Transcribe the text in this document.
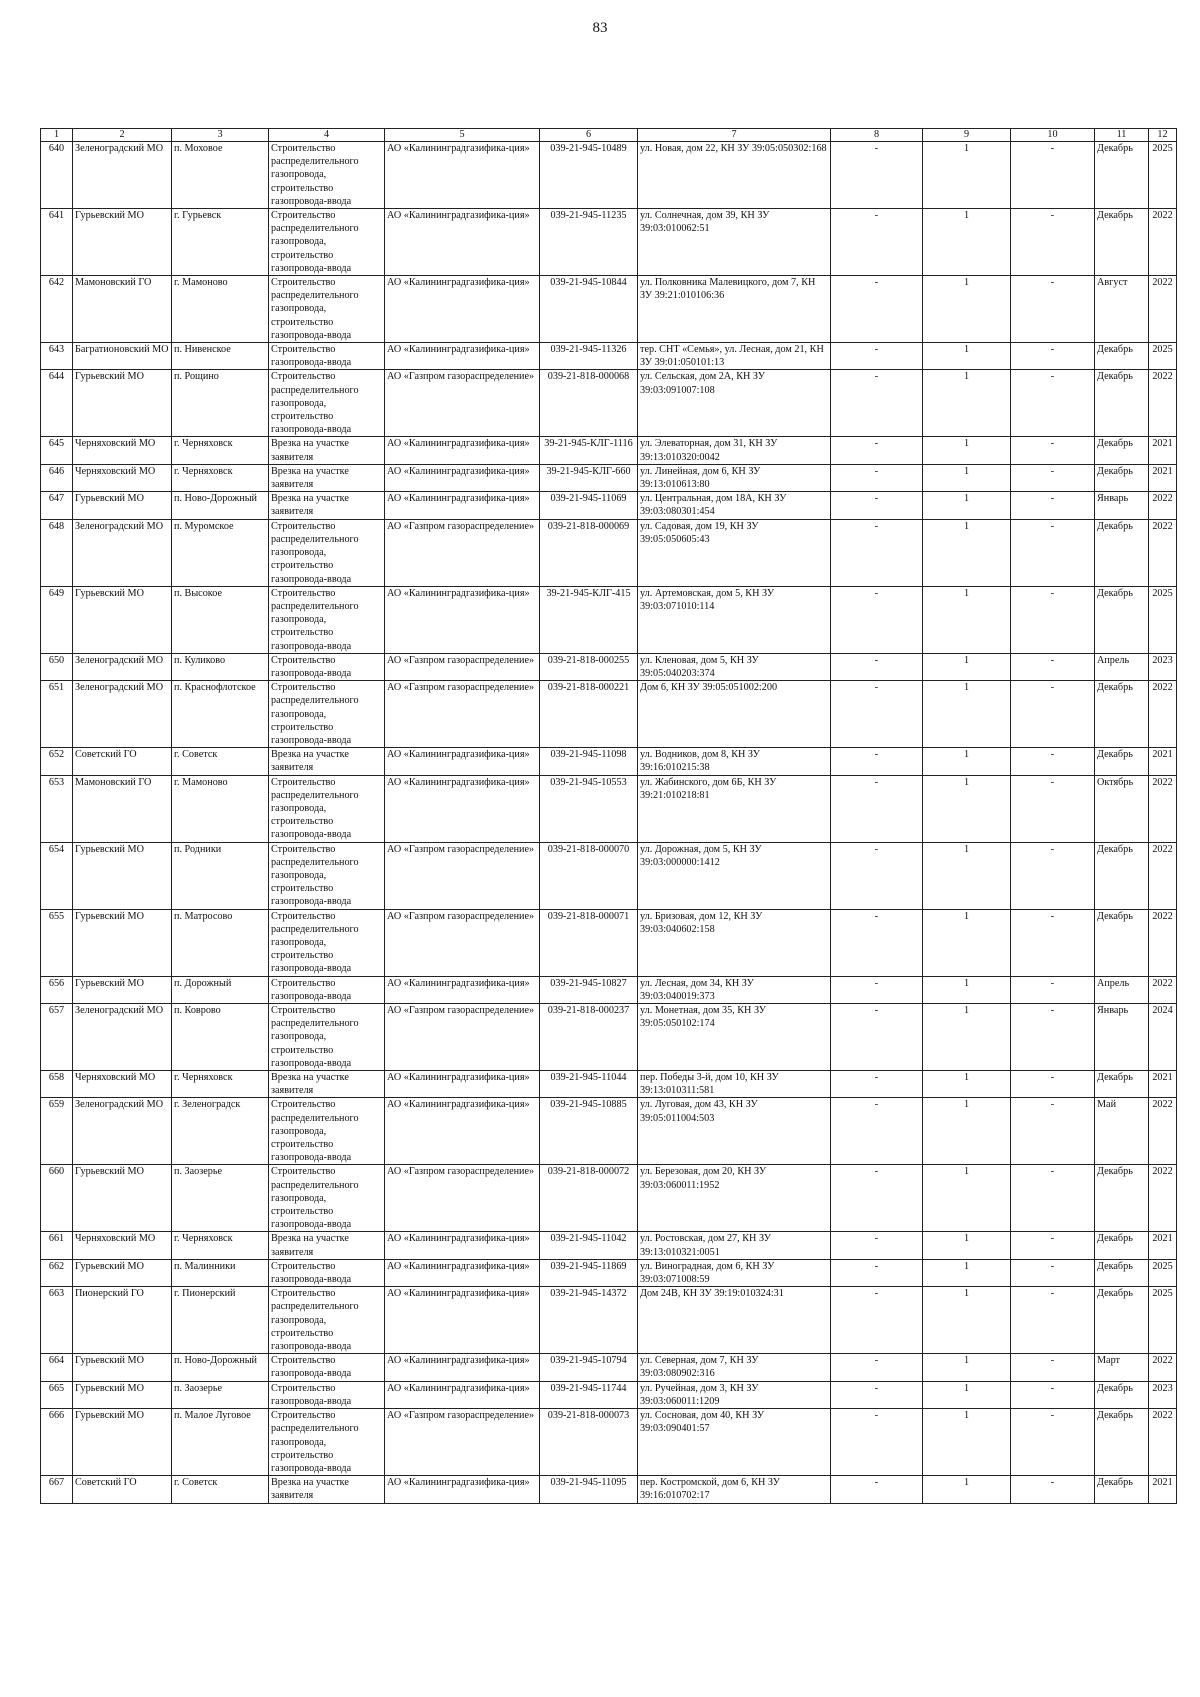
83
1	2	3	4	5	6	7	8	9	10	11	12
640	Зеленоградский МО	п. Моховое	Строительство распределительного газопровода, строительство газопровода-ввода	АО «Калининградгазифика-ция»	039-21-945-10489	ул. Новая, дом 22, КН ЗУ 39:05:050302:168	-	1	-	Декабрь	2025
641	Гурьевский МО	г. Гурьевск	Строительство распределительного газопровода, строительство газопровода-ввода	АО «Калининградгазифика-ция»	039-21-945-11235	ул. Солнечная, дом 39, КН ЗУ 39:03:010062:51	-	1	-	Декабрь	2022
642	Мамоновский ГО	г. Мамоново	Строительство распределительного газопровода, строительство газопровода-ввода	АО «Калининградгазифика-ция»	039-21-945-10844	ул. Полковника Малевицкого, дом 7, КН ЗУ 39:21:010106:36	-	1	-	Август	2022
643	Багратионовский МО	п. Нивенское	Строительство газопровода-ввода	АО «Калининградгазифика-ция»	039-21-945-11326	тер. СНТ «Семья», ул. Лесная, дом 21, КН ЗУ 39:01:050101:13	-	1	-	Декабрь	2025
644	Гурьевский МО	п. Рощино	Строительство распределительного газопровода, строительство газопровода-ввода	АО «Газпром газораспределение»	039-21-818-000068	ул. Сельская, дом 2А, КН ЗУ 39:03:091007:108	-	1	-	Декабрь	2022
645	Черняховский МО	г. Черняховск	Врезка на участке заявителя	АО «Калининградгазифика-ция»	39-21-945-КЛГ-1116	ул. Элеваторная, дом 31, КН ЗУ 39:13:010320:0042	-	1	-	Декабрь	2021
646	Черняховский МО	г. Черняховск	Врезка на участке заявителя	АО «Калининградгазифика-ция»	39-21-945-КЛГ-660	ул. Линейная, дом 6, КН ЗУ 39:13:010613:80	-	1	-	Декабрь	2021
647	Гурьевский МО	п. Ново-Дорожный	Врезка на участке заявителя	АО «Калининградгазифика-ция»	039-21-945-11069	ул. Центральная, дом 18А, КН ЗУ 39:03:080301:454	-	1	-	Январь	2022
648	Зеленоградский МО	п. Муромское	Строительство распределительного газопровода, строительство газопровода-ввода	АО «Газпром газораспределение»	039-21-818-000069	ул. Садовая, дом 19, КН ЗУ 39:05:050605:43	-	1	-	Декабрь	2022
649	Гурьевский МО	п. Высокое	Строительство распределительного газопровода, строительство газопровода-ввода	АО «Калининградгазифика-ция»	39-21-945-КЛГ-415	ул. Артемовская, дом 5, КН ЗУ 39:03:071010:114	-	1	-	Декабрь	2025
650	Зеленоградский МО	п. Куликово	Строительство газопровода-ввода	АО «Газпром газораспределение»	039-21-818-000255	ул. Кленовая, дом 5, КН ЗУ 39:05:040203:374	-	1	-	Апрель	2023
651	Зеленоградский МО	п. Краснофлотское	Строительство распределительного газопровода, строительство газопровода-ввода	АО «Газпром газораспределение»	039-21-818-000221	Дом 6, КН ЗУ 39:05:051002:200	-	1	-	Декабрь	2022
652	Советский ГО	г. Советск	Врезка на участке заявителя	АО «Калининградгазифика-ция»	039-21-945-11098	ул. Водников, дом 8, КН ЗУ 39:16:010215:38	-	1	-	Декабрь	2021
653	Мамоновский ГО	г. Мамоново	Строительство распределительного газопровода, строительство газопровода-ввода	АО «Калининградгазифика-ция»	039-21-945-10553	ул. Жабинского, дом 6Б, КН ЗУ 39:21:010218:81	-	1	-	Октябрь	2022
654	Гурьевский МО	п. Родники	Строительство распределительного газопровода, строительство газопровода-ввода	АО «Газпром газораспределение»	039-21-818-000070	ул. Дорожная, дом 5, КН ЗУ 39:03:000000:1412	-	1	-	Декабрь	2022
655	Гурьевский МО	п. Матросово	Строительство распределительного газопровода, строительство газопровода-ввода	АО «Газпром газораспределение»	039-21-818-000071	ул. Бризовая, дом 12, КН ЗУ 39:03:040602:158	-	1	-	Декабрь	2022
656	Гурьевский МО	п. Дорожный	Строительство газопровода-ввода	АО «Калининградгазифика-ция»	039-21-945-10827	ул. Лесная, дом 34, КН ЗУ 39:03:040019:373	-	1	-	Апрель	2022
657	Зеленоградский МО	п. Коврово	Строительство распределительного газопровода, строительство газопровода-ввода	АО «Газпром газораспределение»	039-21-818-000237	ул. Монетная, дом 35, КН ЗУ 39:05:050102:174	-	1	-	Январь	2024
658	Черняховский МО	г. Черняховск	Врезка на участке заявителя	АО «Калининградгазифика-ция»	039-21-945-11044	пер. Победы 3-й, дом 10, КН ЗУ 39:13:010311:581	-	1	-	Декабрь	2021
659	Зеленоградский МО	г. Зеленоградск	Строительство распределительного газопровода, строительство газопровода-ввода	АО «Калининградгазифика-ция»	039-21-945-10885	ул. Луговая, дом 43, КН ЗУ 39:05:011004:503	-	1	-	Май	2022
660	Гурьевский МО	п. Заозерье	Строительство распределительного газопровода, строительство газопровода-ввода	АО «Газпром газораспределение»	039-21-818-000072	ул. Березовая, дом 20, КН ЗУ 39:03:060011:1952	-	1	-	Декабрь	2022
661	Черняховский МО	г. Черняховск	Врезка на участке заявителя	АО «Калининградгазифика-ция»	039-21-945-11042	ул. Ростовская, дом 27, КН ЗУ 39:13:010321:0051	-	1	-	Декабрь	2021
662	Гурьевский МО	п. Малинники	Строительство газопровода-ввода	АО «Калининградгазифика-ция»	039-21-945-11869	ул. Виноградная, дом 6, КН ЗУ 39:03:071008:59	-	1	-	Декабрь	2025
663	Пионерский ГО	г. Пионерский	Строительство распределительного газопровода, строительство газопровода-ввода	АО «Калининградгазифика-ция»	039-21-945-14372	Дом 24В, КН ЗУ 39:19:010324:31	-	1	-	Декабрь	2025
664	Гурьевский МО	п. Ново-Дорожный	Строительство газопровода-ввода	АО «Калининградгазифика-ция»	039-21-945-10794	ул. Северная, дом 7, КН ЗУ 39:03:080902:316	-	1	-	Март	2022
665	Гурьевский МО	п. Заозерье	Строительство газопровода-ввода	АО «Калининградгазифика-ция»	039-21-945-11744	ул. Ручейная, дом 3, КН ЗУ 39:03:060011:1209	-	1	-	Декабрь	2023
666	Гурьевский МО	п. Малое Луговое	Строительство распределительного газопровода, строительство газопровода-ввода	АО «Газпром газораспределение»	039-21-818-000073	ул. Сосновая, дом 40, КН ЗУ 39:03:090401:57	-	1	-	Декабрь	2022
667	Советский ГО	г. Советск	Врезка на участке заявителя	АО «Калининградгазифика-ция»	039-21-945-11095	пер. Костромской, дом 6, КН ЗУ 39:16:010702:17	-	1	-	Декабрь	2021
